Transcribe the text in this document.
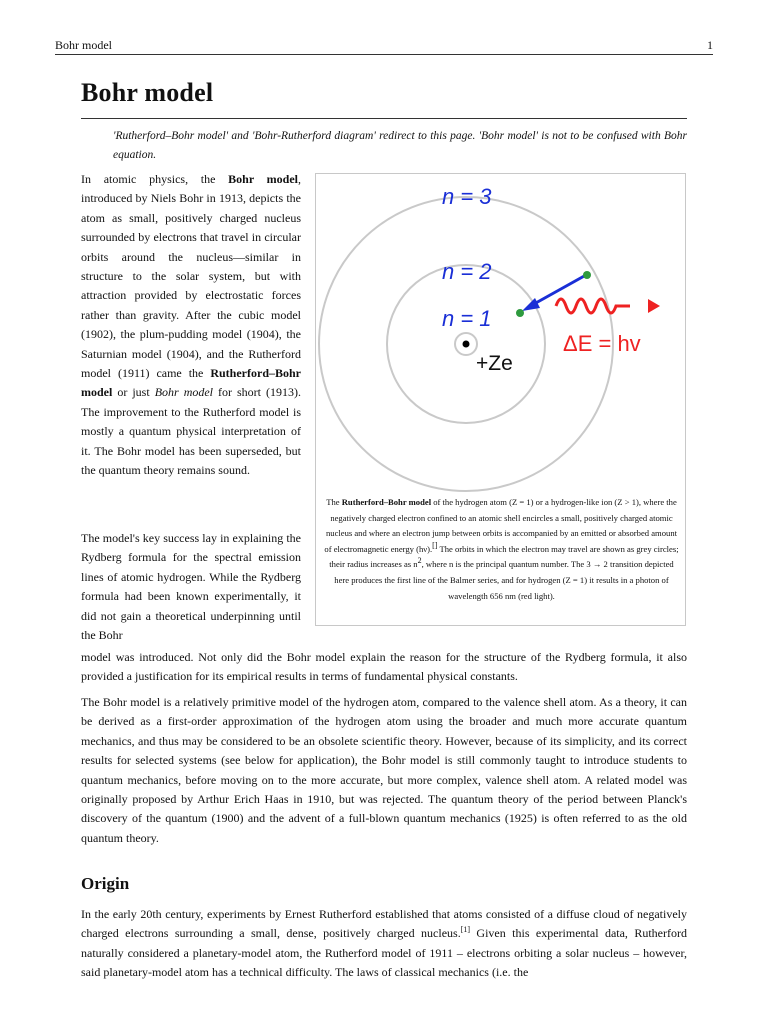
Bohr model	1
Bohr model

'Rutherford–Bohr model' and 'Bohr-Rutherford diagram' redirect to this page. 'Bohr model' is not to be confused with Bohr equation.

In atomic physics, the Bohr model, introduced by Niels Bohr in 1913, depicts the atom as small, positively charged nucleus surrounded by electrons that travel in circular orbits around the nucleus—similar in structure to the solar system, but with attraction provided by electrostatic forces rather than gravity. After the cubic model (1902), the plum-pudding model (1904), the Saturnian model (1904), and the Rutherford model (1911) came the Rutherford–Bohr model or just Bohr model for short (1913). The improvement to the Rutherford model is mostly a quantum physical interpretation of it. The Bohr model has been superseded, but the quantum theory remains sound.

The model's key success lay in explaining the Rydberg formula for the spectral emission lines of atomic hydrogen. While the Rydberg formula had been known experimentally, it did not gain a theoretical underpinning until the Bohr

n = 3
n = 2
n = 1
+Ze
ΔE = hv

The Rutherford–Bohr model of the hydrogen atom (Z = 1) or a hydrogen-like ion (Z > 1), where the negatively charged electron confined to an atomic shell encircles a small, positively charged atomic nucleus and where an electron jump between orbits is accompanied by an emitted or absorbed amount of electromagnetic energy (hν).[] The orbits in which the electron may travel are shown as grey circles; their radius increases as $n^2$, where n is the principal quantum number. The 3 → 2 transition depicted here produces the first line of the Balmer series, and for hydrogen (Z = 1) it results in a photon of wavelength 656 nm (red light).

model was introduced. Not only did the Bohr model explain the reason for the structure of the Rydberg formula, it also provided a justification for its empirical results in terms of fundamental physical constants.

The Bohr model is a relatively primitive model of the hydrogen atom, compared to the valence shell atom. As a theory, it can be derived as a first-order approximation of the hydrogen atom using the broader and much more accurate quantum mechanics, and thus may be considered to be an obsolete scientific theory. However, because of its simplicity, and its correct results for selected systems (see below for application), the Bohr model is still commonly taught to introduce students to quantum mechanics, before moving on to the more accurate, but more complex, valence shell atom. A related model was originally proposed by Arthur Erich Haas in 1910, but was rejected. The quantum theory of the period between Planck's discovery of the quantum (1900) and the advent of a full-blown quantum mechanics (1925) is often referred to as the old quantum theory.

Origin

In the early 20th century, experiments by Ernest Rutherford established that atoms consisted of a diffuse cloud of negatively charged electrons surrounding a small, dense, positively charged nucleus.[1] Given this experimental data, Rutherford naturally considered a planetary-model atom, the Rutherford model of 1911 – electrons orbiting a solar nucleus – however, said planetary-model atom has a technical difficulty. The laws of classical mechanics (i.e. the
